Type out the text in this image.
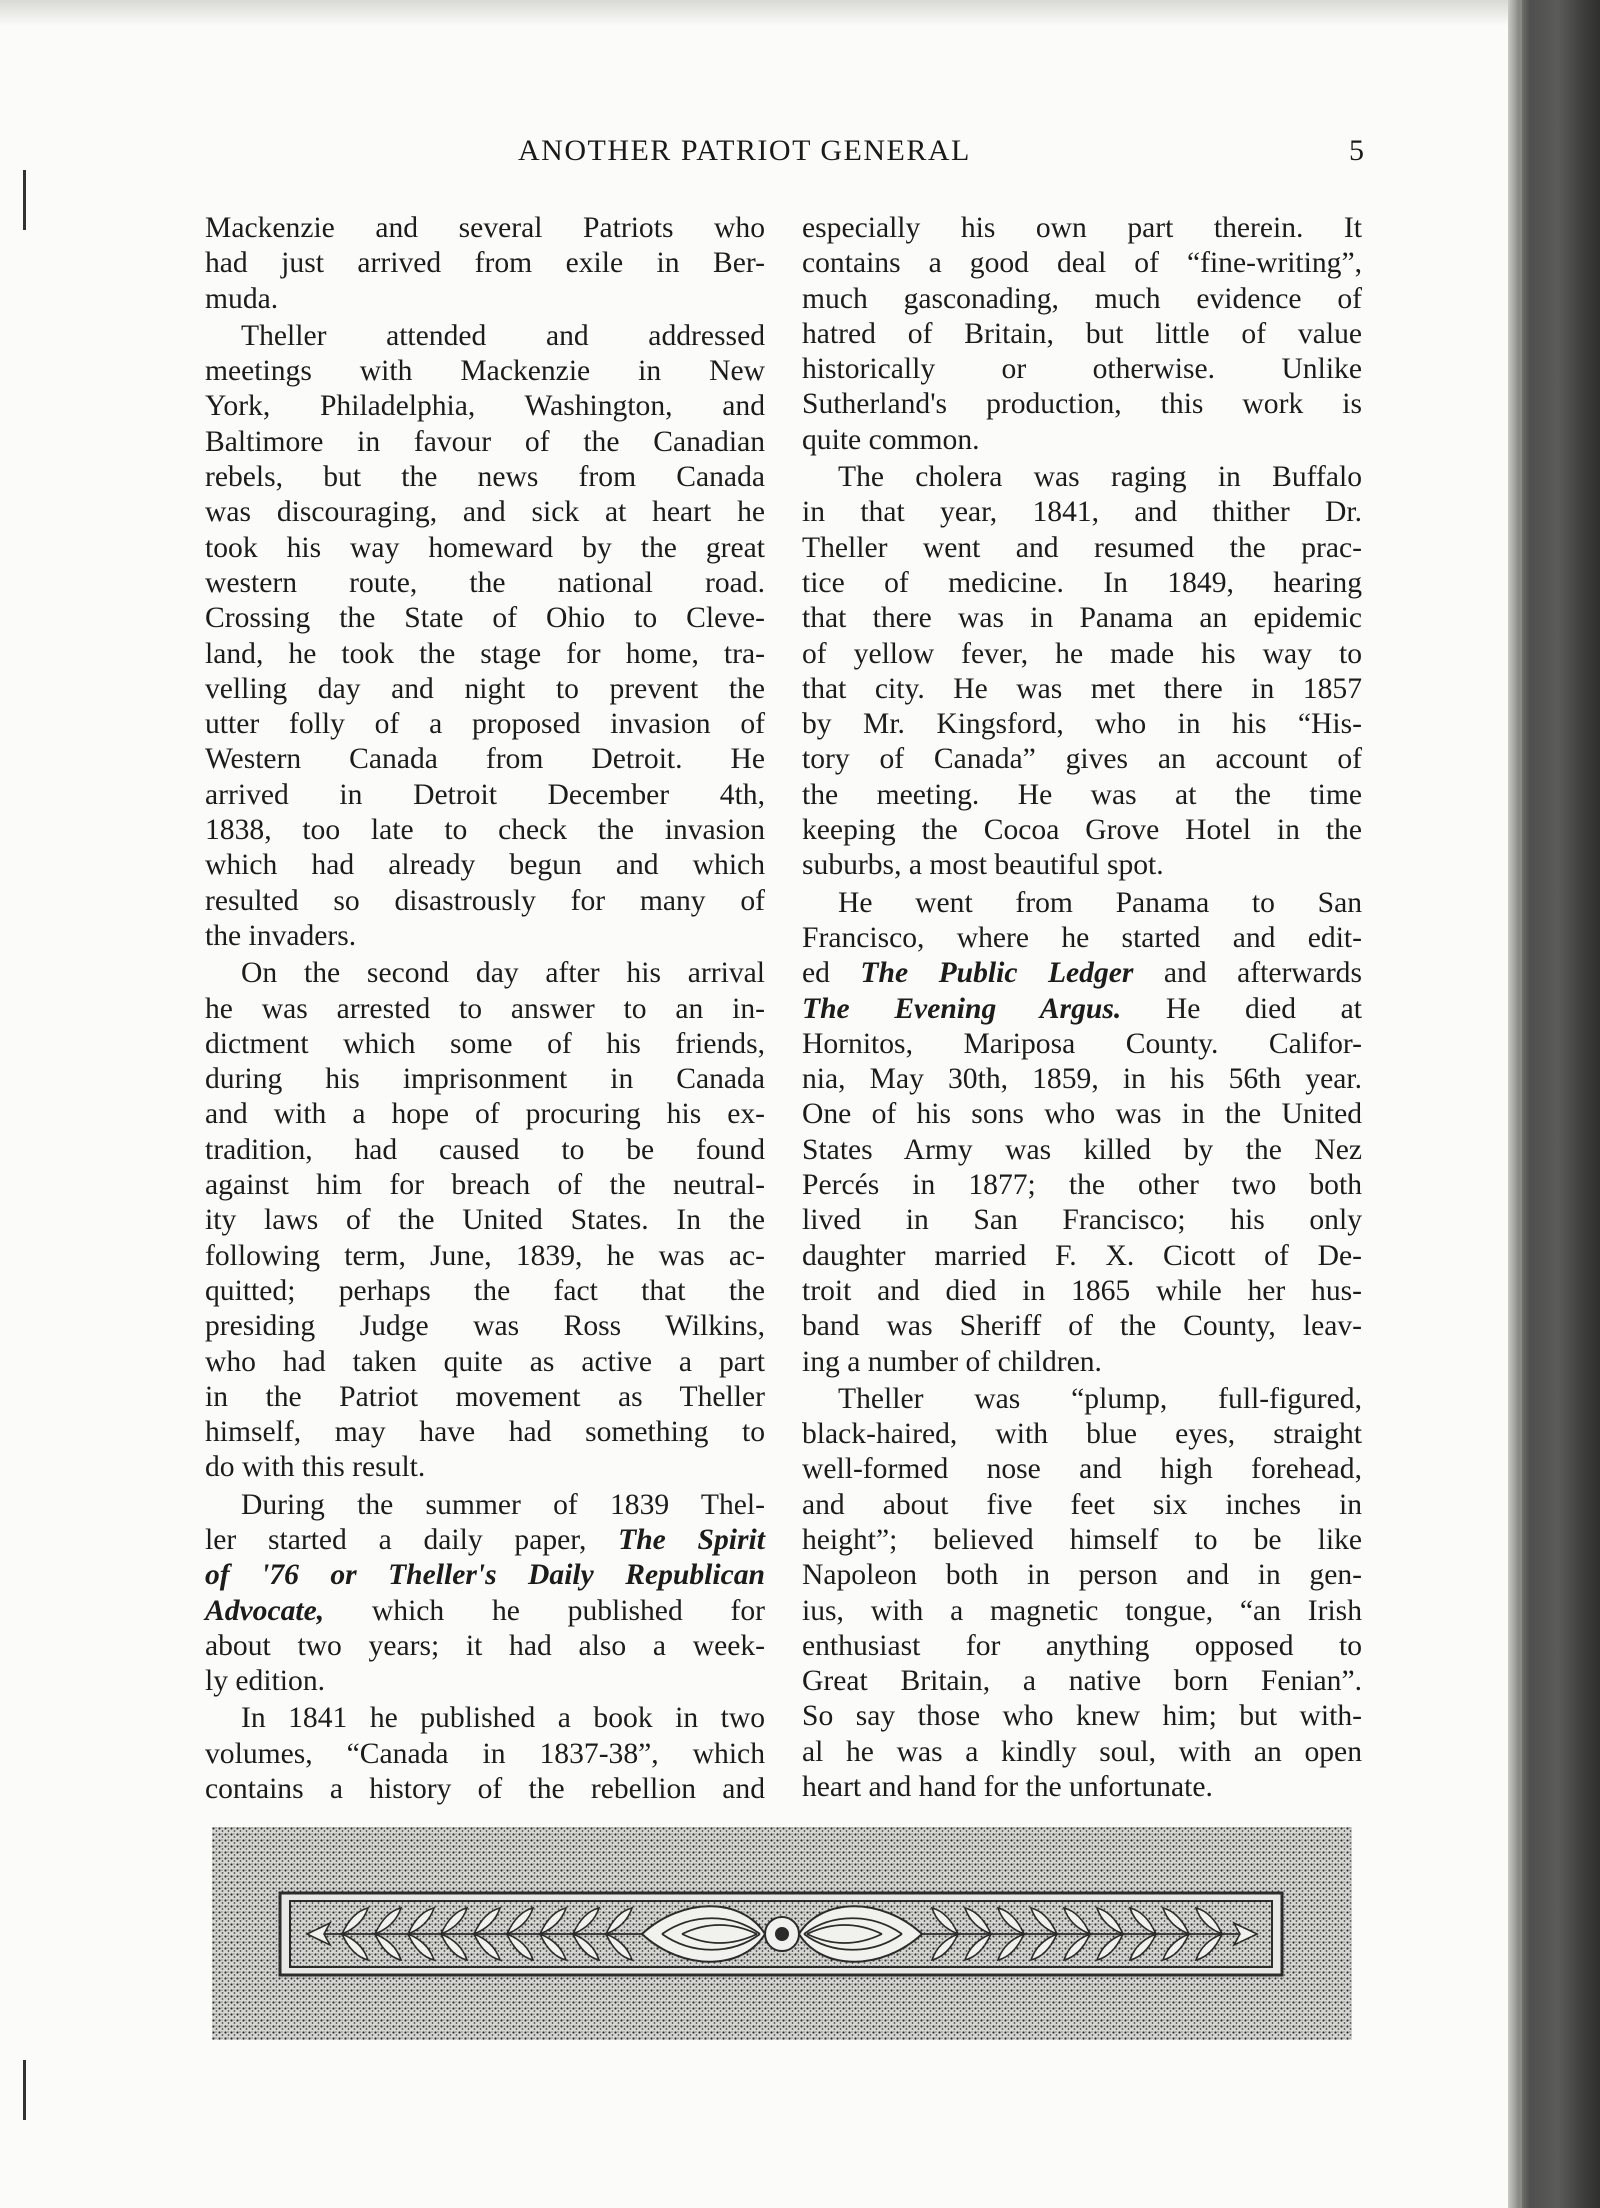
ANOTHER PATRIOT GENERAL	5
Mackenzie and several Patriots who
had just arrived from exile in Ber-
muda.
Theller attended and addressed
meetings with Mackenzie in New
York, Philadelphia, Washington, and
Baltimore in favour of the Canadian
rebels, but the news from Canada
was discouraging, and sick at heart he
took his way homeward by the great
western route, the national road.
Crossing the State of Ohio to Cleve-
land, he took the stage for home, tra-
velling day and night to prevent the
utter folly of a proposed invasion of
Western Canada from Detroit. He
arrived in Detroit December 4th,
1838, too late to check the invasion
which had already begun and which
resulted so disastrously for many of
the invaders.
On the second day after his arrival
he was arrested to answer to an in-
dictment which some of his friends,
during his imprisonment in Canada
and with a hope of procuring his ex-
tradition, had caused to be found
against him for breach of the neutral-
ity laws of the United States. In the
following term, June, 1839, he was ac-
quitted; perhaps the fact that the
presiding Judge was Ross Wilkins,
who had taken quite as active a part
in the Patriot movement as Theller
himself, may have had something to
do with this result.
During the summer of 1839 Thel-
ler started a daily paper, The Spirit
of '76 or Theller's Daily Republican
Advocate, which he published for
about two years; it had also a week-
ly edition.
In 1841 he published a book in two
volumes, “Canada in 1837-38”, which
contains a history of the rebellion and
especially his own part therein. It
contains a good deal of “fine-writing”,
much gasconading, much evidence of
hatred of Britain, but little of value
historically or otherwise. Unlike
Sutherland's production, this work is
quite common.
The cholera was raging in Buffalo
in that year, 1841, and thither Dr.
Theller went and resumed the prac-
tice of medicine. In 1849, hearing
that there was in Panama an epidemic
of yellow fever, he made his way to
that city. He was met there in 1857
by Mr. Kingsford, who in his “His-
tory of Canada” gives an account of
the meeting. He was at the time
keeping the Cocoa Grove Hotel in the
suburbs, a most beautiful spot.
He went from Panama to San
Francisco, where he started and edit-
ed The Public Ledger and afterwards
The Evening Argus. He died at
Hornitos, Mariposa County. Califor-
nia, May 30th, 1859, in his 56th year.
One of his sons who was in the United
States Army was killed by the Nez
Percés in 1877; the other two both
lived in San Francisco; his only
daughter married F. X. Cicott of De-
troit and died in 1865 while her hus-
band was Sheriff of the County, leav-
ing a number of children.
Theller was “plump, full-figured,
black-haired, with blue eyes, straight
well-formed nose and high forehead,
and about five feet six inches in
height”; believed himself to be like
Napoleon both in person and in gen-
ius, with a magnetic tongue, “an Irish
enthusiast for anything opposed to
Great Britain, a native born Fenian”.
So say those who knew him; but with-
al he was a kindly soul, with an open
heart and hand for the unfortunate.
